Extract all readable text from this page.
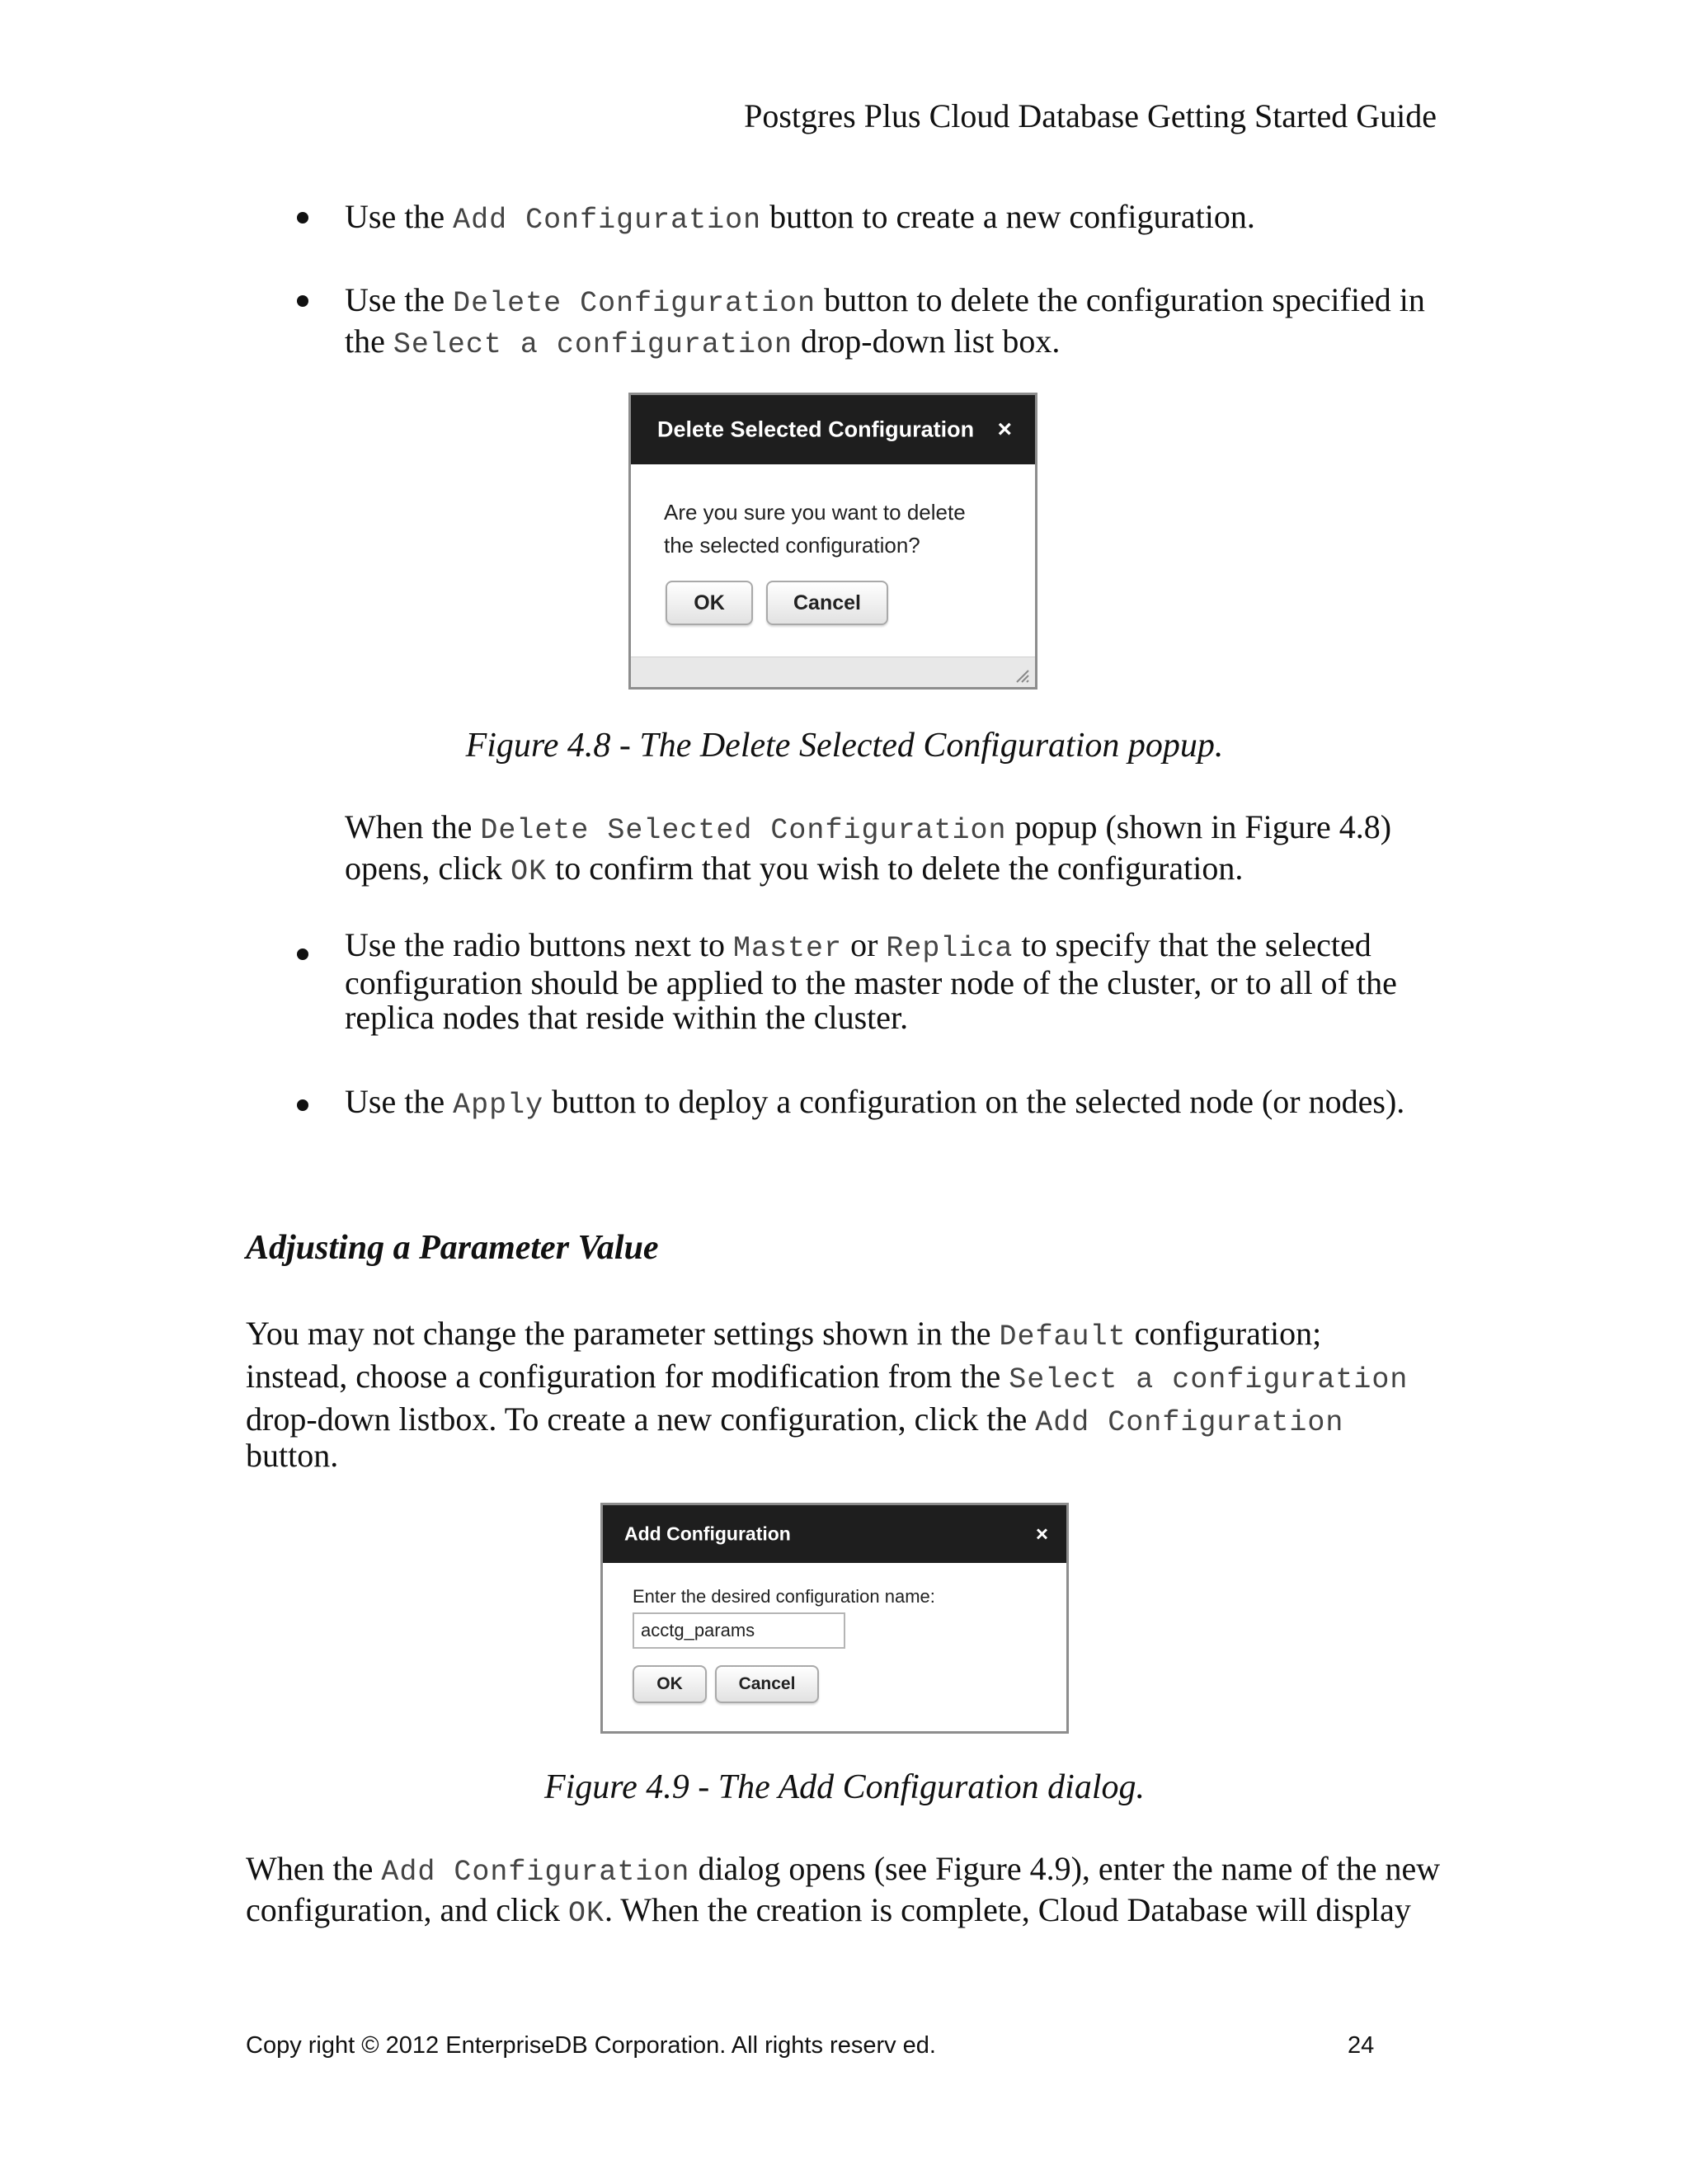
Postgres Plus Cloud Database Getting Started Guide
Use the Add Configuration button to create a new configuration.
Use the Delete Configuration button to delete the configuration specified in
the Select a configuration drop-down list box.
Delete Selected Configuration ×
Are you sure you want to delete
the selected configuration?
OK	Cancel
Figure 4.8 - The Delete Selected Configuration popup.
When the Delete Selected Configuration popup (shown in Figure 4.8)
opens, click OK to confirm that you wish to delete the configuration.
Use the radio buttons next to Master or Replica to specify that the selected
configuration should be applied to the master node of the cluster, or to all of the
replica nodes that reside within the cluster.
Use the Apply button to deploy a configuration on the selected node (or nodes).
Adjusting a Parameter Value
You may not change the parameter settings shown in the Default configuration;
instead, choose a configuration for modification from the Select a configuration
drop-down listbox. To create a new configuration, click the Add Configuration
button.
Add Configuration	×
Enter the desired configuration name:
acctg_params
OK	Cancel
Figure 4.9 - The Add Configuration dialog.
When the Add Configuration dialog opens (see Figure 4.9), enter the name of the new
configuration, and click OK. When the creation is complete, Cloud Database will display
Copy right © 2012 EnterpriseDB Corporation. All rights reserv ed.	24
